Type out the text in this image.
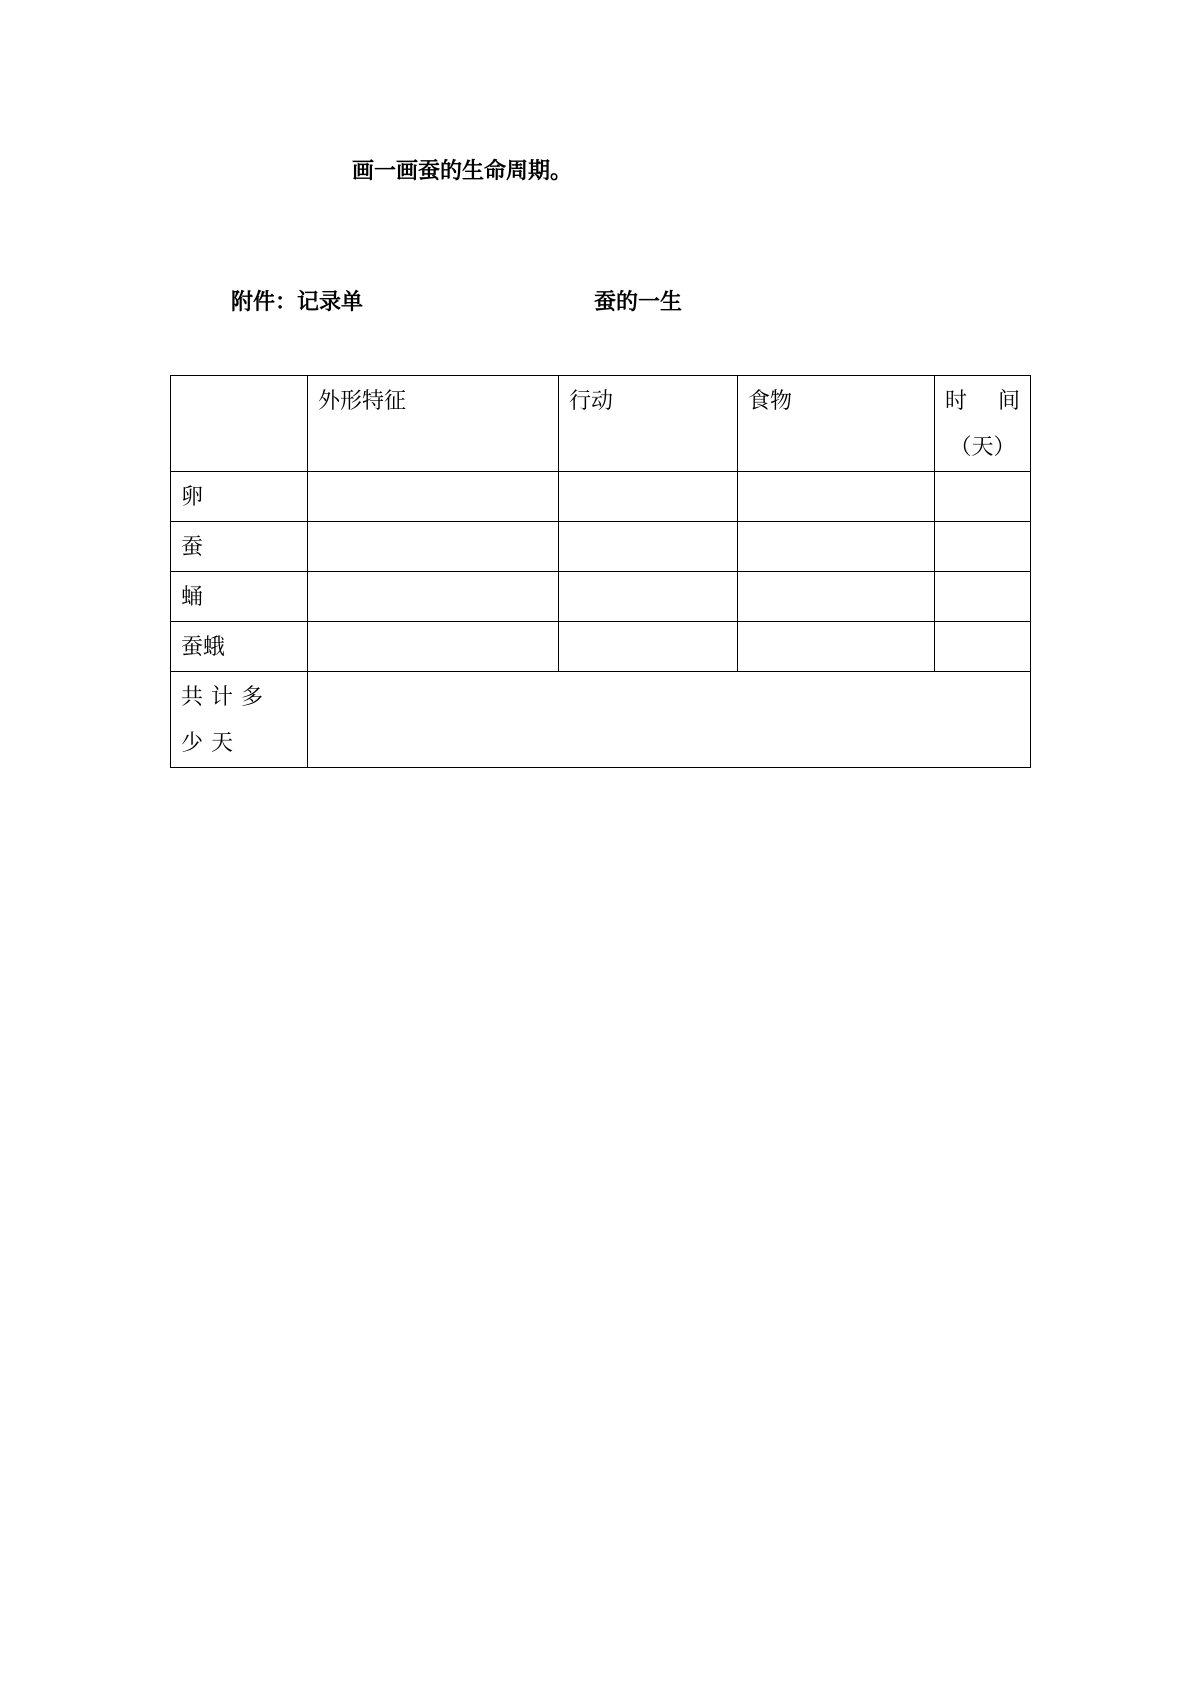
画一画蚕的生命周期。
附件：记录单	蚕的一生
	外形特征	行动	食物	时 间
（天）

卵				
蚕				
蛹				
蚕蛾				
共计多少天				
